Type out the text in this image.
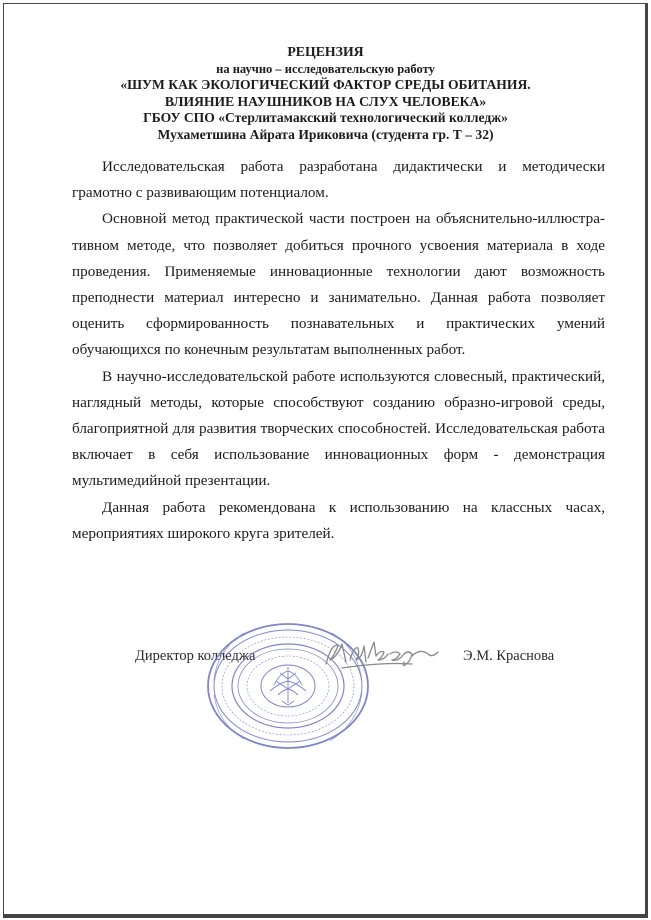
РЕЦЕНЗИЯ
на научно – исследовательскую работу
«ШУМ КАК ЭКОЛОГИЧЕСКИЙ ФАКТОР СРЕДЫ ОБИТАНИЯ.
ВЛИЯНИЕ НАУШНИКОВ НА СЛУХ ЧЕЛОВЕКА»
ГБОУ СПО «Стерлитамакский технологический колледж»
Мухаметшина Айрата Ириковича (студента гр. Т – 32)

Исследовательская работа разработана дидактически и методически грамотно с развивающим потенциалом.

Основной метод практической части построен на объяснительно-иллюстра-тивном методе, что позволяет добиться прочного усвоения материала в ходе проведения. Применяемые инновационные технологии дают возможность преподнести материал интересно и занимательно. Данная работа позволяет оценить сформированность познавательных и практических умений обучающихся по конечным результатам выполненных работ.

В научно-исследовательской работе используются словесный, практический, наглядный методы, которые способствуют созданию образно-игровой среды, благоприятной для развития творческих способностей. Исследовательская работа включает в себя использование инновационных форм - демонстрация мультимедийной презентации.

Данная работа рекомендована к использованию на классных часах, мероприятиях широкого круга зрителей.

Директор колледжа	Э.М. Краснова
